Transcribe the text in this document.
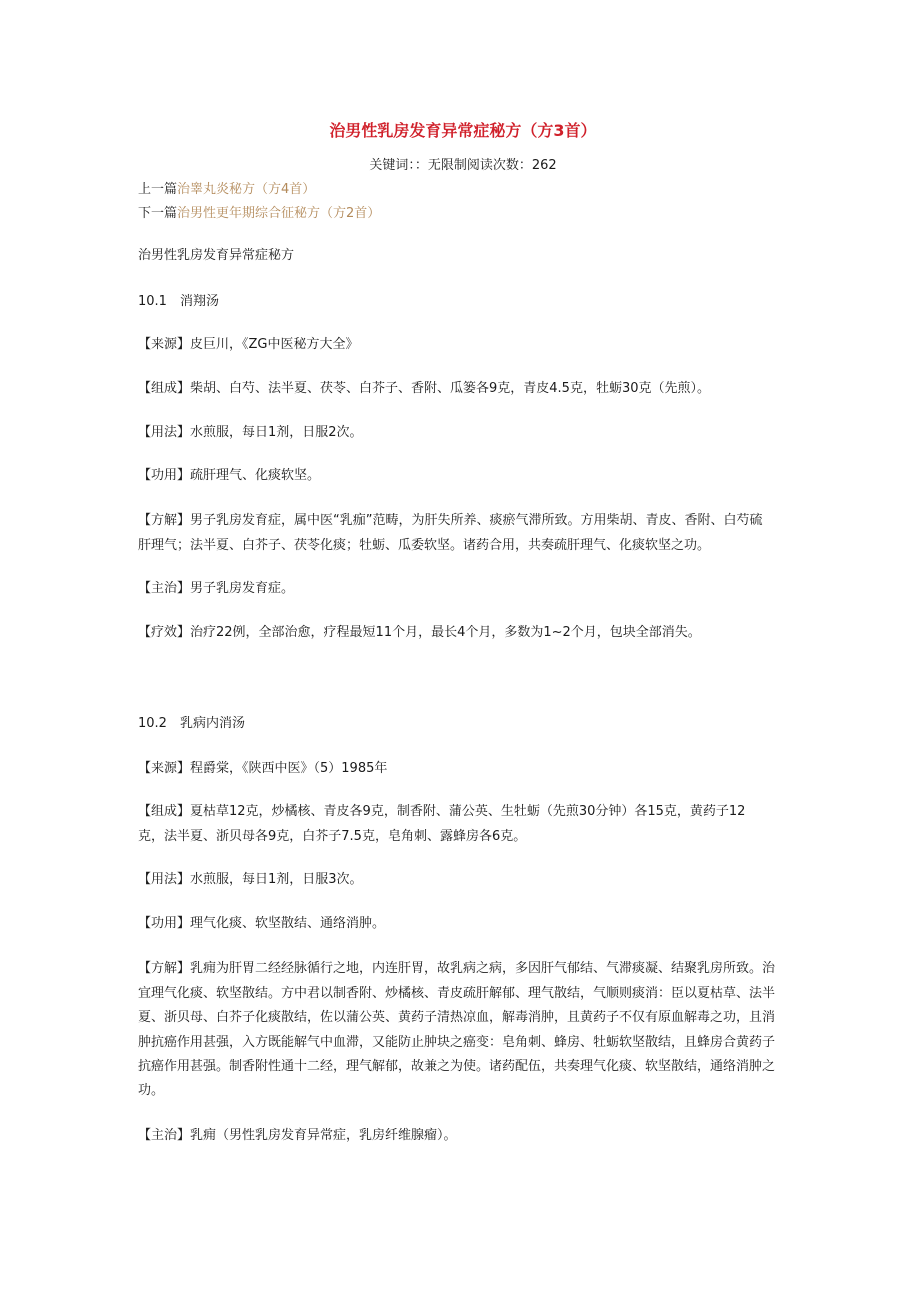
治男性乳房发育异常症秘方（方3首）
关键词：：无限制阅读次数：262
上一篇治睾丸炎秘方（方4首）
下一篇治男性更年期综合征秘方（方2首）
治男性乳房发育异常症秘方
10.1　消翔汤
【来源】皮巨川，《ZG中医秘方大全》
【组成】柴胡、白芍、法半夏、茯苓、白芥子、香附、瓜篓各9克，青皮4.5克，牡蛎30克（先煎）。
【用法】水煎服，每日1剂，日服2次。
【功用】疏肝理气、化痰软坚。
【方解】男子乳房发育症，属中医“乳痂”范畴，为肝失所养、痰瘀气滞所致。方用柴胡、青皮、香附、白芍硫
肝理气；法半夏、白芥子、茯苓化痰；牡蛎、瓜委软坚。诸药合用，共奏疏肝理气、化痰软坚之功。
【主治】男子乳房发育症。
【疗效】治疗22例，全部治愈，疗程最短11个月，最长4个月，多数为1~2个月，包块全部消失。
10.2　乳病内消汤
【来源】程爵棠，《陕西中医》（5）1985年
【组成】夏枯草12克，炒橘核、青皮各9克，制香附、蒲公英、生牡蛎（先煎30分钟）各15克，黄药子12
克，法半夏、浙贝母各9克，白芥子7.5克，皂角刺、露蜂房各6克。
【用法】水煎服，每日1剂，日服3次。
【功用】理气化痰、软坚散结、通络消肿。
【方解】乳痈为肝胃二经经脉循行之地，内连肝胃，故乳病之病，多因肝气郁结、气滞痰凝、结聚乳房所致。治
宜理气化痰、软坚散结。方中君以制香附、炒橘核、青皮疏肝解郁、理气散结，气顺则痰消：臣以夏枯草、法半
夏、浙贝母、白芥子化痰散结，佐以蒲公英、黄药子清热凉血，解毒消肿，且黄药子不仅有原血解毒之功，且消
肿抗癌作用甚强，入方既能解气中血滞，又能防止肿块之癌变：皂角刺、蜂房、牡蛎软坚散结，且蜂房合黄药子
抗癌作用甚强。制香附性通十二经，理气解郁，故兼之为使。诸药配伍，共奏理气化痰、软坚散结，通络消肿之
功。
【主治】乳痈（男性乳房发育异常症，乳房纤维腺瘤）。
